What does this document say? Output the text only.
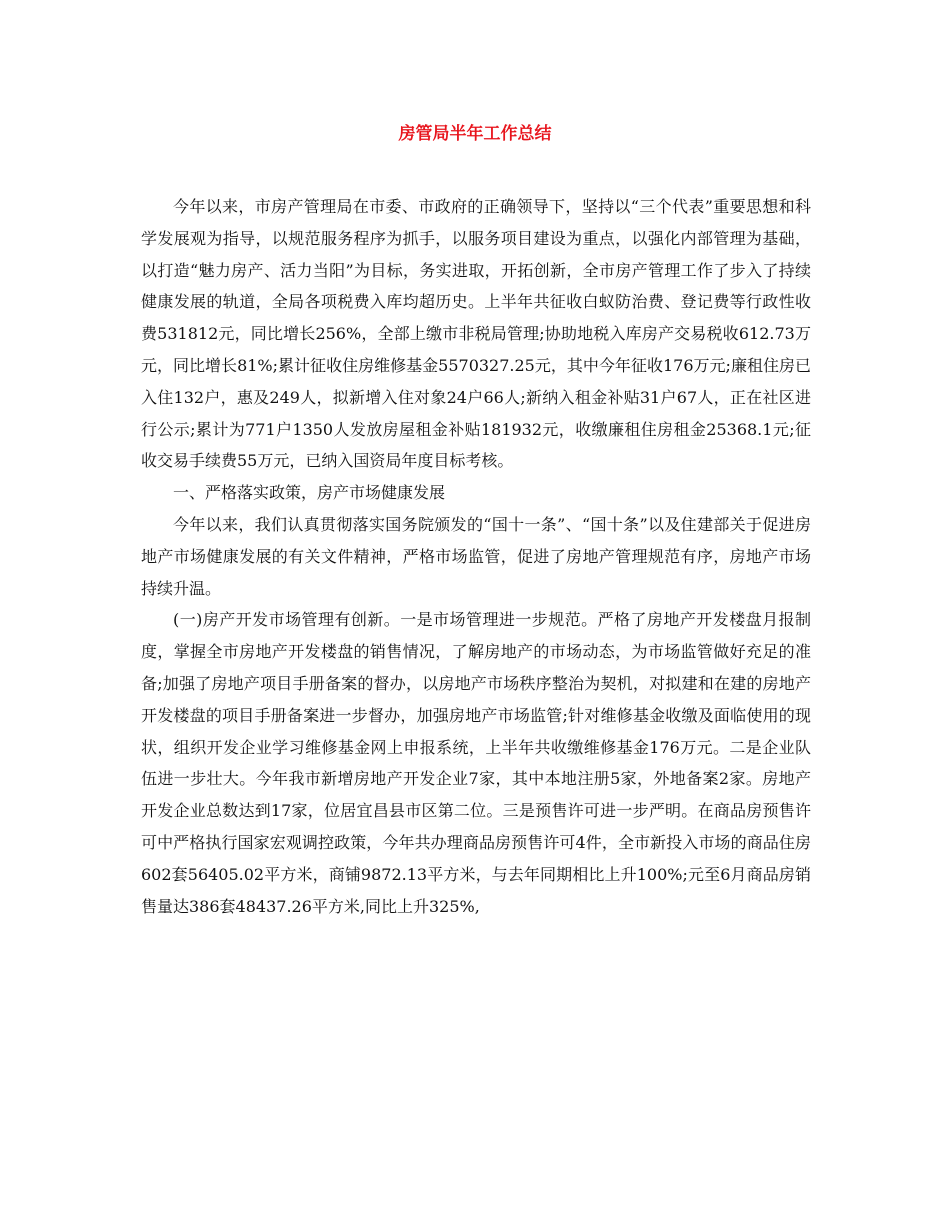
房管局半年工作总结

今年以来，市房产管理局在市委、市政府的正确领导下，坚持以“三个代表”重要思想和科学发展观为指导，以规范服务程序为抓手，以服务项目建设为重点，以强化内部管理为基础，以打造“魅力房产、活力当阳”为目标，务实进取，开拓创新，全市房产管理工作了步入了持续健康发展的轨道，全局各项税费入库均超历史。上半年共征收白蚁防治费、登记费等行政性收费531812元，同比增长256%，全部上缴市非税局管理;协助地税入库房产交易税收612.73万元，同比增长81%;累计征收住房维修基金5570327.25元，其中今年征收176万元;廉租住房已入住132户，惠及249人，拟新增入住对象24户66人;新纳入租金补贴31户67人，正在社区进行公示;累计为771户1350人发放房屋租金补贴181932元，收缴廉租住房租金25368.1元;征收交易手续费55万元，已纳入国资局年度目标考核。

一、严格落实政策，房产市场健康发展

今年以来，我们认真贯彻落实国务院颁发的“国十一条”、“国十条”以及住建部关于促进房地产市场健康发展的有关文件精神，严格市场监管，促进了房地产管理规范有序，房地产市场持续升温。

(一)房产开发市场管理有创新。一是市场管理进一步规范。严格了房地产开发楼盘月报制度，掌握全市房地产开发楼盘的销售情况，了解房地产的市场动态，为市场监管做好充足的准备;加强了房地产项目手册备案的督办，以房地产市场秩序整治为契机，对拟建和在建的房地产开发楼盘的项目手册备案进一步督办，加强房地产市场监管;针对维修基金收缴及面临使用的现状，组织开发企业学习维修基金网上申报系统，上半年共收缴维修基金176万元。二是企业队伍进一步壮大。今年我市新增房地产开发企业7家，其中本地注册5家，外地备案2家。房地产开发企业总数达到17家，位居宜昌县市区第二位。三是预售许可进一步严明。在商品房预售许可中严格执行国家宏观调控政策，今年共办理商品房预售许可4件，全市新投入市场的商品住房602套56405.02平方米，商铺9872.13平方米，与去年同期相比上升100%;元至6月商品房销售量达386套48437.26平方米,同比上升325%,
